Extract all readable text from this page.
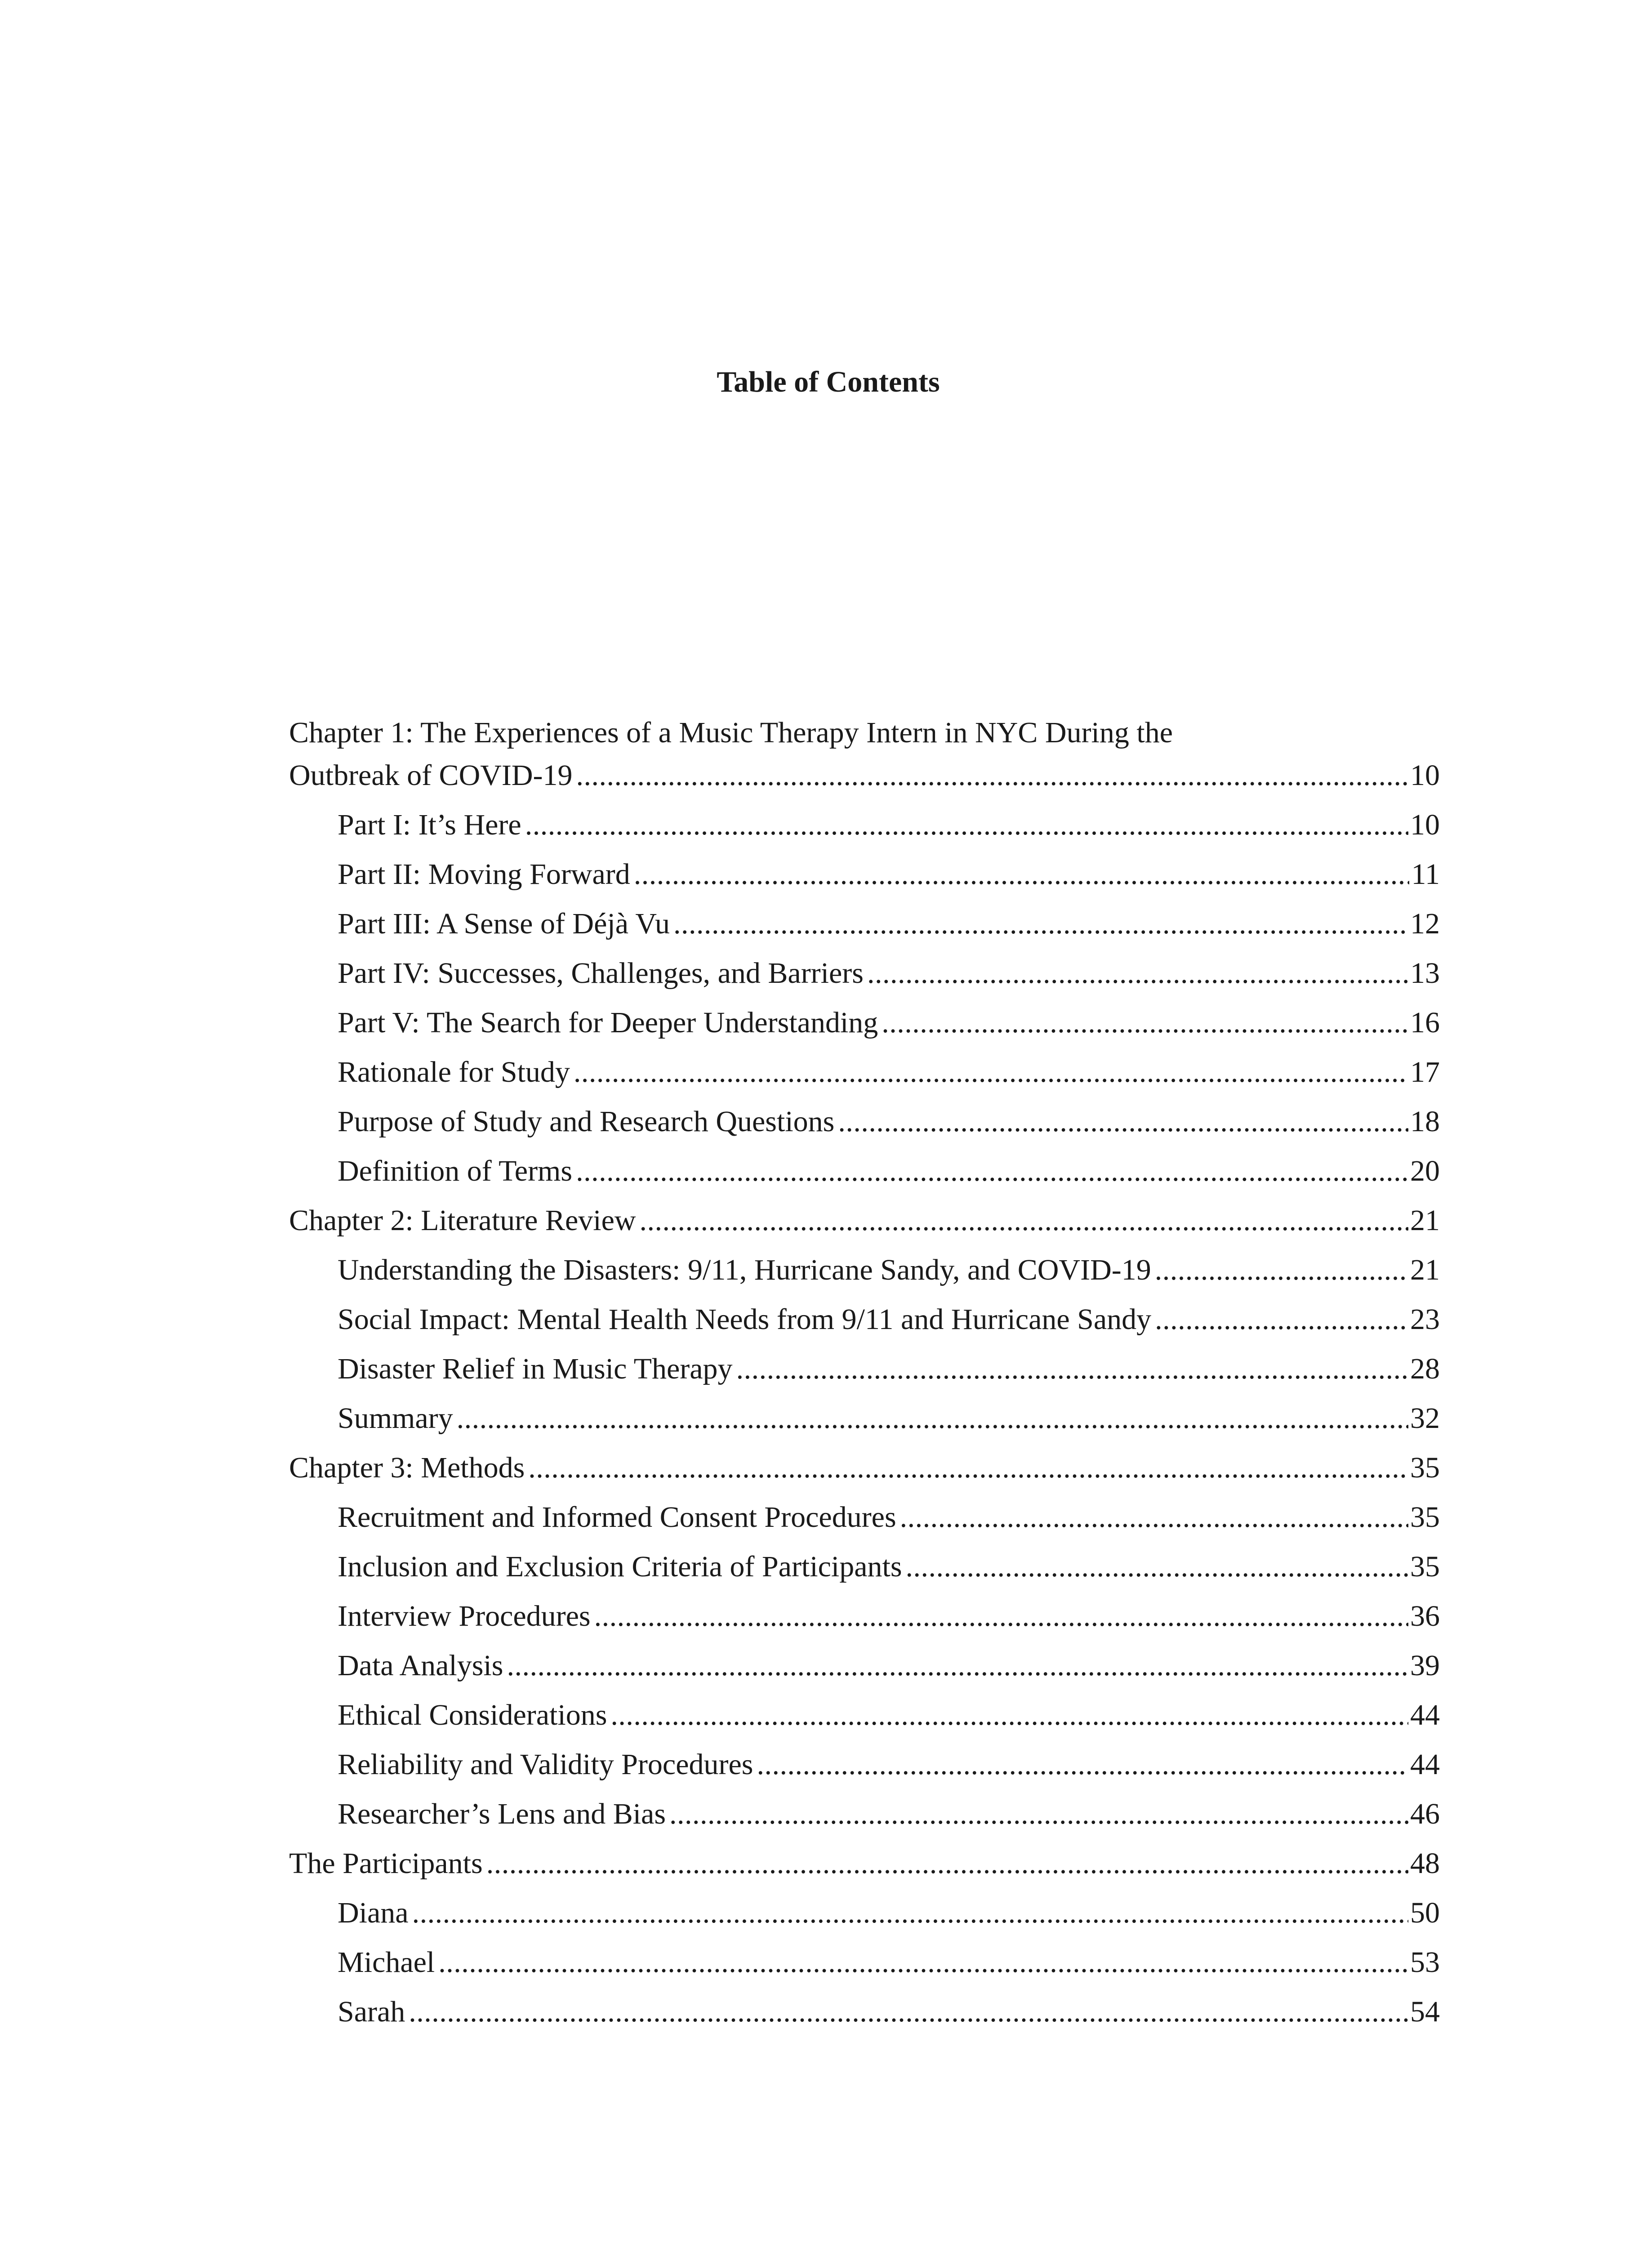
Table of Contents
Chapter 1: The Experiences of a Music Therapy Intern in NYC During the
Outbreak of COVID-19 . . .	10
Part I: It’s Here . . .	10
Part II: Moving Forward . . .	11
Part III: A Sense of Déjà Vu . . .	12
Part IV: Successes, Challenges, and Barriers . . .	13
Part V: The Search for Deeper Understanding . . .	16
Rationale for Study . . .	17
Purpose of Study and Research Questions . . .	18
Definition of Terms . . .	20
Chapter 2: Literature Review . . .	21
Understanding the Disasters: 9/11, Hurricane Sandy, and COVID-19 . . .	21
Social Impact: Mental Health Needs from 9/11 and Hurricane Sandy . . .	23
Disaster Relief in Music Therapy . . .	28
Summary . . .	32
Chapter 3: Methods . . .	35
Recruitment and Informed Consent Procedures . . .	35
Inclusion and Exclusion Criteria of Participants . . .	35
Interview Procedures . . .	36
Data Analysis . . .	39
Ethical Considerations . . .	44
Reliability and Validity Procedures . . .	44
Researcher’s Lens and Bias . . .	46
The Participants . . .	48
Diana . . .	50
Michael . . .	53
Sarah . . .	54
